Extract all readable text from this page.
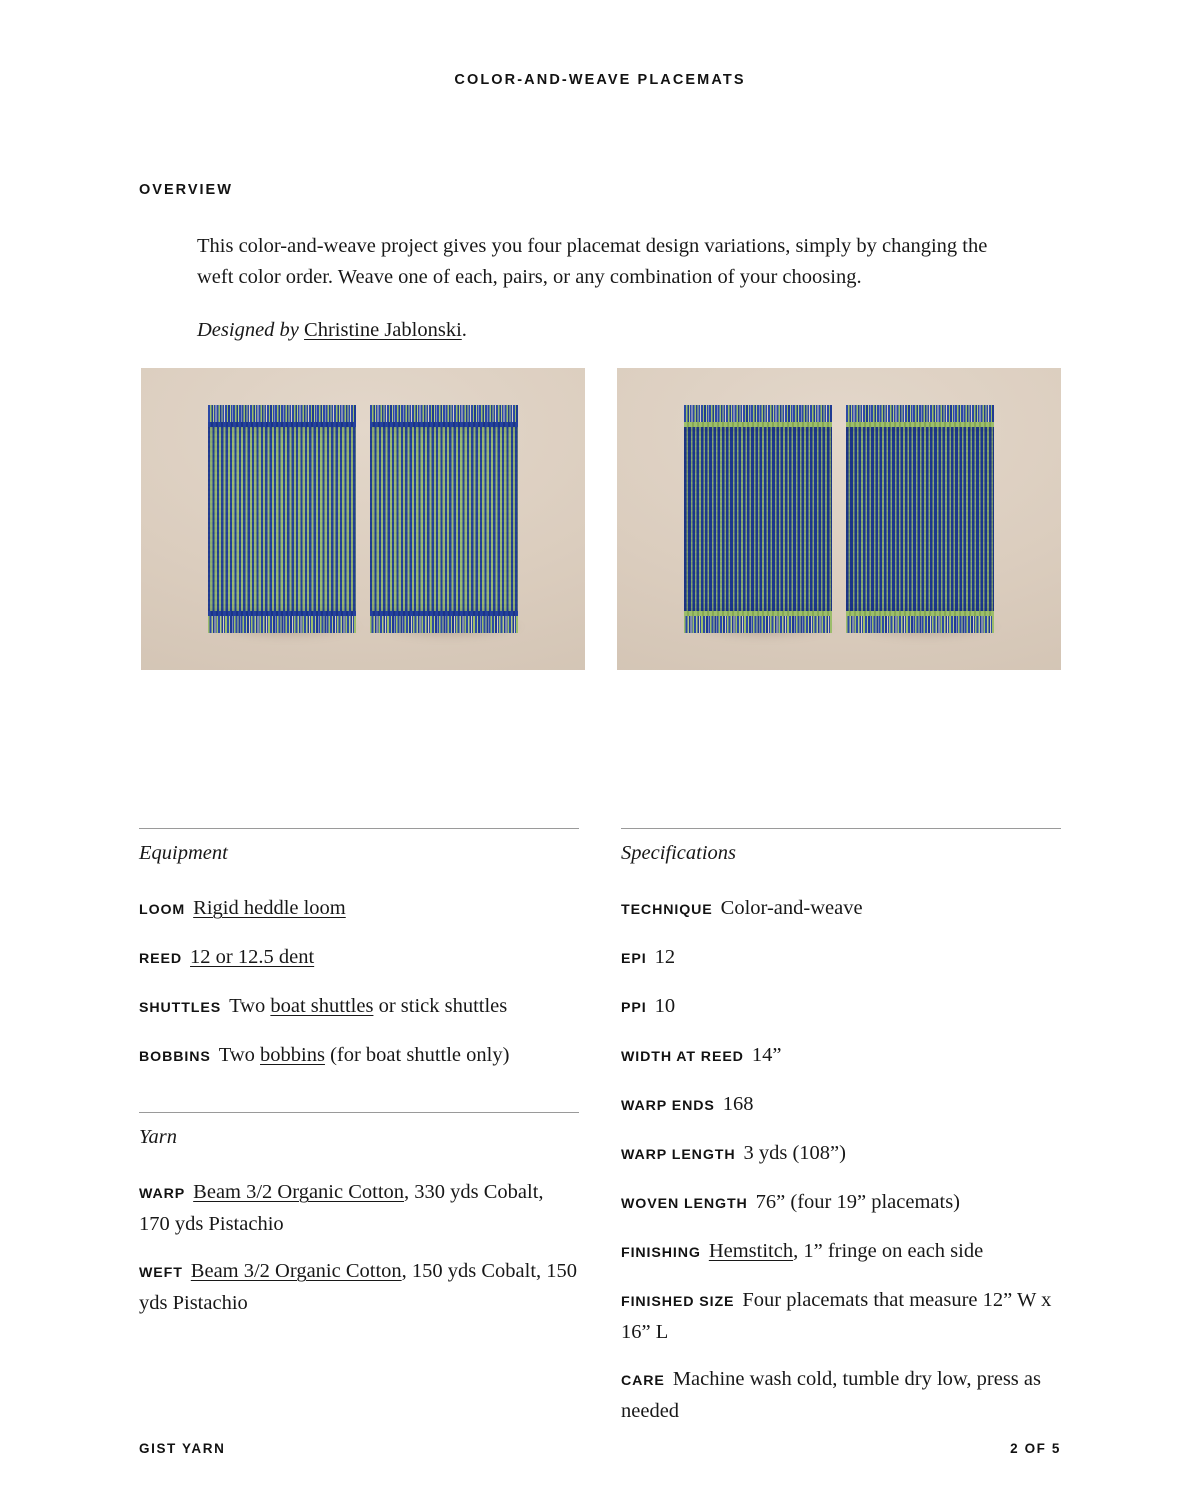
COLOR-AND-WEAVE PLACEMATS
OVERVIEW

This color-and-weave project gives you four placemat design variations, simply by changing the weft color order. Weave one of each, pairs, or any combination of your choosing.

Designed by Christine Jablonski.

Equipment
LOOM Rigid heddle loom
REED 12 or 12.5 dent
SHUTTLES Two boat shuttles or stick shuttles
BOBBINS Two bobbins (for boat shuttle only)
Yarn
WARP Beam 3/2 Organic Cotton, 330 yds Cobalt, 170 yds Pistachio
WEFT Beam 3/2 Organic Cotton, 150 yds Cobalt, 150 yds Pistachio
Specifications
TECHNIQUE Color-and-weave
EPI 12
PPI 10
WIDTH AT REED 14”
WARP ENDS 168
WARP LENGTH 3 yds (108”)
WOVEN LENGTH 76” (four 19” placemats)
FINISHING Hemstitch, 1” fringe on each side
FINISHED SIZE Four placemats that measure 12” W x 16” L
CARE Machine wash cold, tumble dry low, press as needed
GIST YARN	2 OF 5
